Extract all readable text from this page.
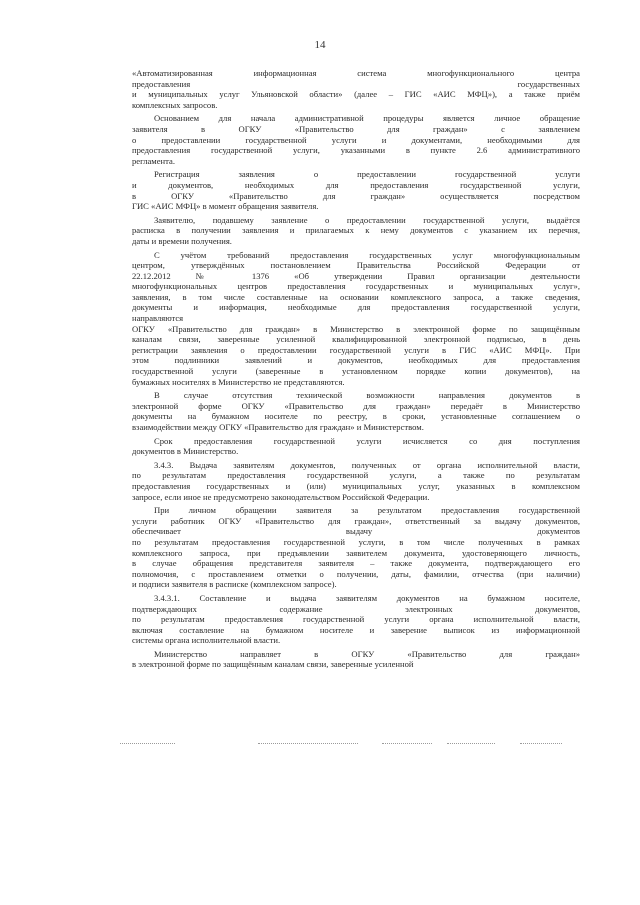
14
«Автоматизированная информационная система многофункционального центра
предоставления государственных
и муниципальных услуг Ульяновской области» (далее – ГИС «АИС МФЦ»), а также приём
комплексных запросов.
Основанием для начала административной процедуры является личное обращение
заявителя в ОГКУ «Правительство для граждан» с заявлением
о предоставлении государственной услуги и документами, необходимыми для
предоставления государственной услуги, указанными в пункте 2.6 административного
регламента.
Регистрация заявления о предоставлении государственной услуги
и документов, необходимых для предоставления государственной услуги,
в ОГКУ «Правительство для граждан» осуществляется посредством
ГИС «АИС МФЦ» в момент обращения заявителя.
Заявителю, подавшему заявление о предоставлении государственной услуги, выдаётся
расписка в получении заявления и прилагаемых к нему документов с указанием их перечня,
даты и времени получения.
С учётом требований предоставления государственных услуг многофункциональным
центром, утверждённых постановлением Правительства Российской Федерации от
22.12.2012 № 1376 «Об утверждении Правил организации деятельности
многофункциональных центров предоставления государственных и муниципальных услуг»,
заявления, в том числе составленные на основании комплексного запроса, а также сведения,
документы и информация, необходимые для предоставления государственной услуги,
направляются
ОГКУ «Правительство для граждан» в Министерство в электронной форме по защищённым
каналам связи, заверенные усиленной квалифицированной электронной подписью, в день
регистрации заявления о предоставлении государственной услуги в ГИС «АИС МФЦ». При
этом подлинники заявлений и документов, необходимых для предоставления
государственной услуги (заверенные в установленном порядке копии документов), на
бумажных носителях в Министерство не представляются.
В случае отсутствия технической возможности направления документов в
электронной форме ОГКУ «Правительство для граждан» передаёт в Министерство
документы на бумажном носителе по реестру, в сроки, установленные соглашением о
взаимодействии между ОГКУ «Правительство для граждан» и Министерством.
Срок предоставления государственной услуги исчисляется со дня поступления
документов в Министерство.
3.4.3. Выдача заявителям документов, полученных от органа исполнительной власти,
по результатам предоставления государственной услуги, а также по результатам
предоставления государственных и (или) муниципальных услуг, указанных в комплексном
запросе, если иное не предусмотрено законодательством Российской Федерации.
При личном обращении заявителя за результатом предоставления государственной
услуги работник ОГКУ «Правительство для граждан», ответственный за выдачу документов,
обеспечивает выдачу документов
по результатам предоставления государственной услуги, в том числе полученных в рамках
комплексного запроса, при предъявлении заявителем документа, удостоверяющего личность,
в случае обращения представителя заявителя – также документа, подтверждающего его
полномочия, с проставлением отметки о получении, даты, фамилии, отчества (при наличии)
и подписи заявителя в расписке (комплексном запросе).
3.4.3.1. Составление и выдача заявителям документов на бумажном носителе,
подтверждающих содержание электронных документов,
по результатам предоставления государственной услуги органа исполнительной власти,
включая составление на бумажном носителе и заверение выписок из информационной
системы органа исполнительной власти.
Министерство направляет в ОГКУ «Правительство для граждан»
в электронной форме по защищённым каналам связи, заверенные усиленной
